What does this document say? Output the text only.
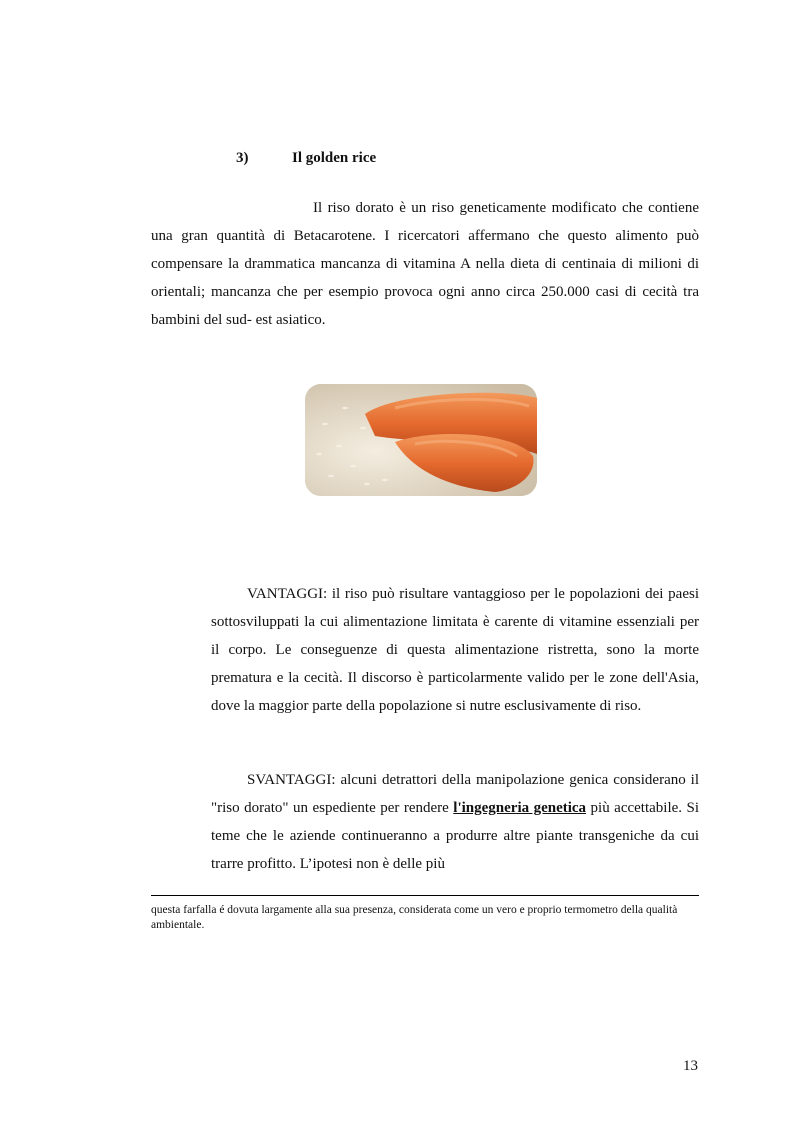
3)	Il golden rice

Il riso dorato è un riso geneticamente modificato che contiene una gran quantità di Betacarotene. I ricercatori affermano che questo alimento può compensare la drammatica mancanza di vitamina A nella dieta di centinaia di milioni di orientali; mancanza che per esempio provoca ogni anno circa 250.000 casi di cecità tra bambini del sud- est asiatico.

VANTAGGI: il riso può risultare vantaggioso per le popolazioni dei paesi sottosviluppati la cui alimentazione limitata è carente di vitamine essenziali per il corpo. Le conseguenze di questa alimentazione ristretta, sono la morte prematura e la cecità. Il discorso è particolarmente valido per le zone dell'Asia, dove la maggior parte della popolazione si nutre esclusivamente di riso.

SVANTAGGI: alcuni detrattori della manipolazione genica considerano il "riso dorato" un espediente per rendere l'ingegneria genetica più accettabile. Si teme che le aziende continueranno a produrre altre piante transgeniche da cui trarre profitto. L’ipotesi non è delle più

questa farfalla é dovuta largamente alla sua presenza, considerata come un vero e proprio termometro della qualità ambientale.
13
